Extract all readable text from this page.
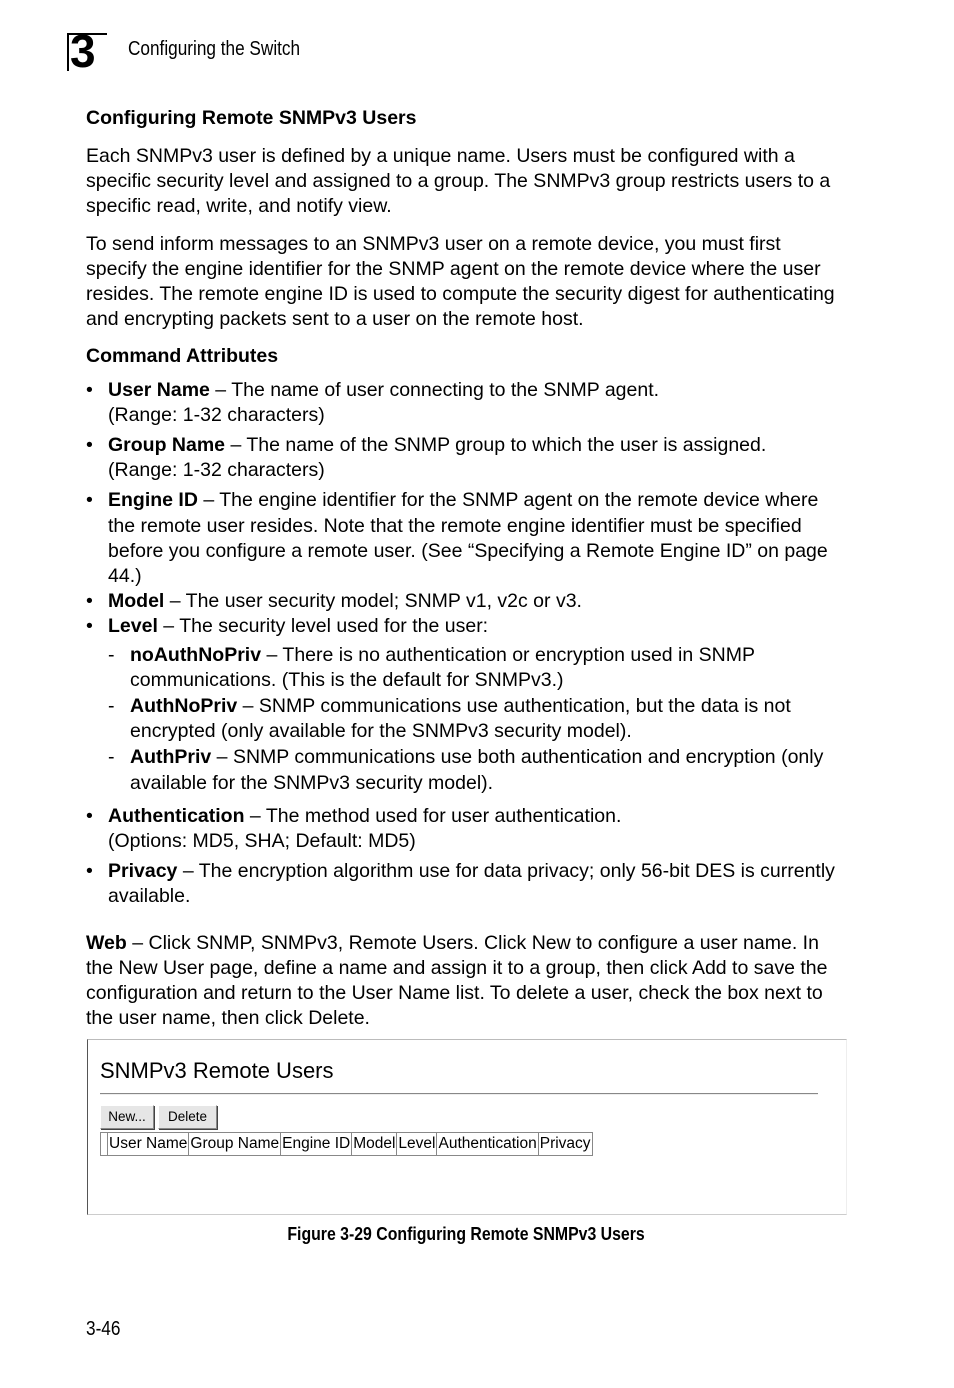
3 Configuring the Switch
Configuring Remote SNMPv3 Users

Each SNMPv3 user is defined by a unique name. Users must be configured with a specific security level and assigned to a group. The SNMPv3 group restricts users to a specific read, write, and notify view.

To send inform messages to an SNMPv3 user on a remote device, you must first specify the engine identifier for the SNMP agent on the remote device where the user resides. The remote engine ID is used to compute the security digest for authenticating and encrypting packets sent to a user on the remote host.

Command Attributes
• User Name – The name of user connecting to the SNMP agent.
(Range: 1-32 characters)
• Group Name – The name of the SNMP group to which the user is assigned.
(Range: 1-32 characters)
• Engine ID – The engine identifier for the SNMP agent on the remote device where the remote user resides. Note that the remote engine identifier must be specified before you configure a remote user. (See “Specifying a Remote Engine ID” on page 44.)
• Model – The user security model; SNMP v1, v2c or v3.
• Level – The security level used for the user:
- noAuthNoPriv – There is no authentication or encryption used in SNMP communications. (This is the default for SNMPv3.)
- AuthNoPriv – SNMP communications use authentication, but the data is not encrypted (only available for the SNMPv3 security model).
- AuthPriv – SNMP communications use both authentication and encryption (only available for the SNMPv3 security model).
• Authentication – The method used for user authentication.
(Options: MD5, SHA; Default: MD5)
• Privacy – The encryption algorithm use for data privacy; only 56-bit DES is currently available.

Web – Click SNMP, SNMPv3, Remote Users. Click New to configure a user name. In the New User page, define a name and assign it to a group, then click Add to save the configuration and return to the User Name list. To delete a user, check the box next to the user name, then click Delete.

SNMPv3 Remote Users
New...	Delete
	User Name	Group Name	Engine ID	Model	Level	Authentication	Privacy
Figure 3-29 Configuring Remote SNMPv3 Users
3-46
